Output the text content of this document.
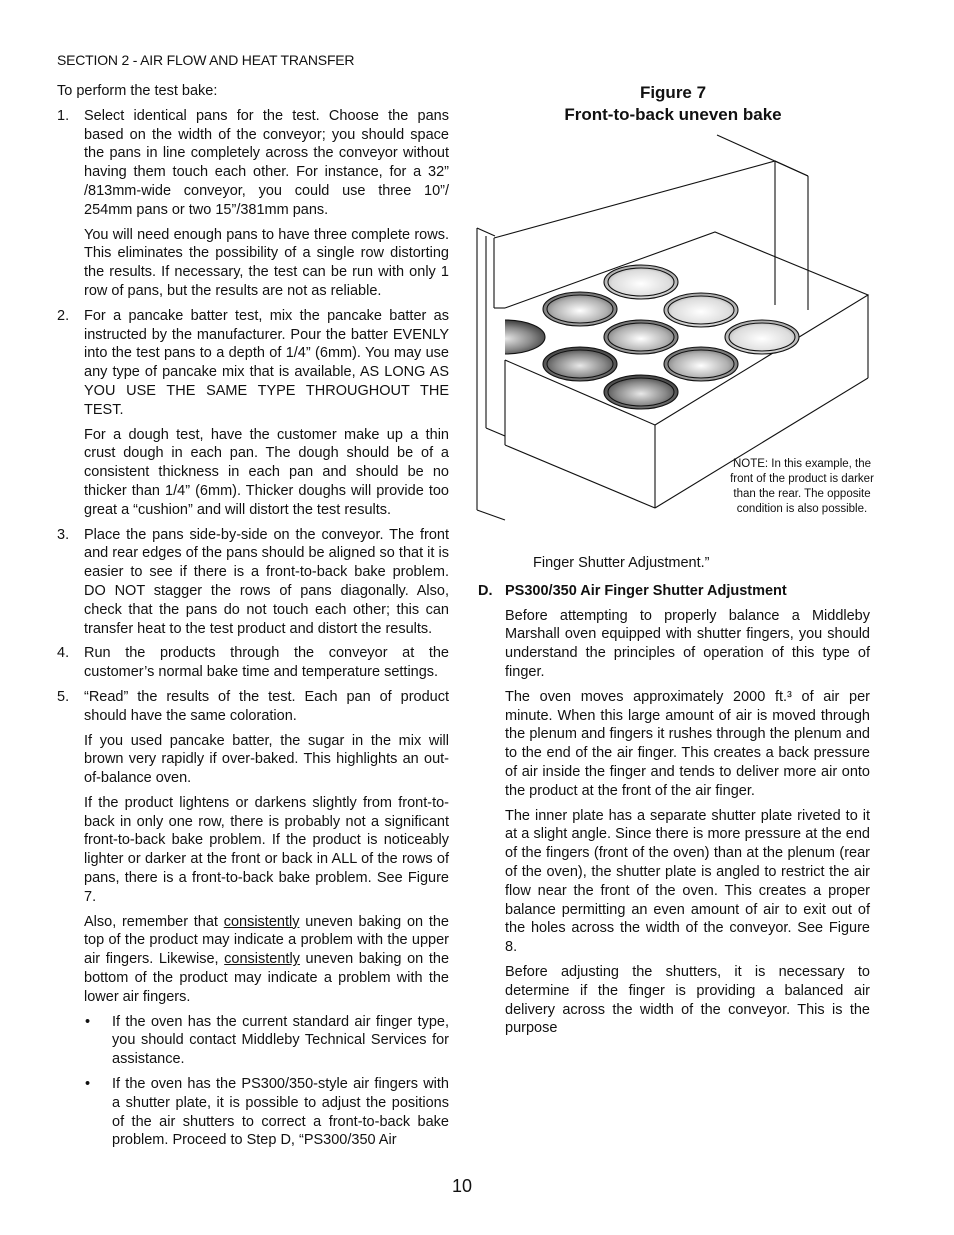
SECTION 2 - AIR FLOW AND HEAT TRANSFER

To perform the test bake:

1. Select identical pans for the test. Choose the pans based on the width of the conveyor; you should space the pans in line completely across the conveyor without having them touch each other. For instance, for a 32” /813mm-wide conveyor, you could use three 10”/ 254mm pans or two 15”/381mm pans.

You will need enough pans to have three complete rows. This eliminates the possibility of a single row distorting the results. If necessary, the test can be run with only 1 row of pans, but the results are not as reliable.

2. For a pancake batter test, mix the pancake batter as instructed by the manufacturer. Pour the batter EVENLY into the test pans to a depth of 1/4” (6mm). You may use any type of pancake mix that is available, AS LONG AS YOU USE THE SAME TYPE THROUGHOUT THE TEST.

For a dough test, have the customer make up a thin crust dough in each pan. The dough should be of a consistent thickness in each pan and should be no thicker than 1/4” (6mm). Thicker doughs will provide too great a “cushion” and will distort the test results.

3. Place the pans side-by-side on the conveyor. The front and rear edges of the pans should be aligned so that it is easier to see if there is a front-to-back bake problem. DO NOT stagger the rows of pans diagonally. Also, check that the pans do not touch each other; this can transfer heat to the test product and distort the results.

4. Run the products through the conveyor at the customer’s normal bake time and temperature settings.

5. “Read” the results of the test. Each pan of product should have the same coloration.

If you used pancake batter, the sugar in the mix will brown very rapidly if over-baked. This highlights an out-of-balance oven.

If the product lightens or darkens slightly from front-to-back in only one row, there is probably not a significant front-to-back bake problem. If the product is noticeably lighter or darker at the front or back in ALL of the rows of pans, there is a front-to-back bake problem. See Figure 7.

Also, remember that consistently uneven baking on the top of the product may indicate a problem with the upper air fingers. Likewise, consistently uneven baking on the bottom of the product may indicate a problem with the lower air fingers.

• If the oven has the current standard air finger type, you should contact Middleby Technical Services for assistance.

• If the oven has the PS300/350-style air fingers with a shutter plate, it is possible to adjust the positions of the air shutters to correct a front-to-back bake problem. Proceed to Step D, “PS300/350 Air

Figure 7
Front-to-back uneven bake
NOTE: In this example, the front of the product is darker than the rear. The opposite condition is also possible.

Finger Shutter Adjustment.”

D. PS300/350 Air Finger Shutter Adjustment

Before attempting to properly balance a Middleby Marshall oven equipped with shutter fingers, you should understand the principles of operation of this type of finger.

The oven moves approximately 2000 ft.³ of air per minute. When this large amount of air is moved through the plenum and fingers it rushes through the plenum and to the end of the air finger. This creates a back pressure of air inside the finger and tends to deliver more air onto the product at the front of the air finger.

The inner plate has a separate shutter plate riveted to it at a slight angle. Since there is more pressure at the end of the fingers (front of the oven) than at the plenum (rear of the oven), the shutter plate is angled to restrict the air flow near the front of the oven. This creates a proper balance permitting an even amount of air to exit out of the holes across the width of the conveyor. See Figure 8.

Before adjusting the shutters, it is necessary to determine if the finger is providing a balanced air delivery across the width of the conveyor. This is the purpose

10
